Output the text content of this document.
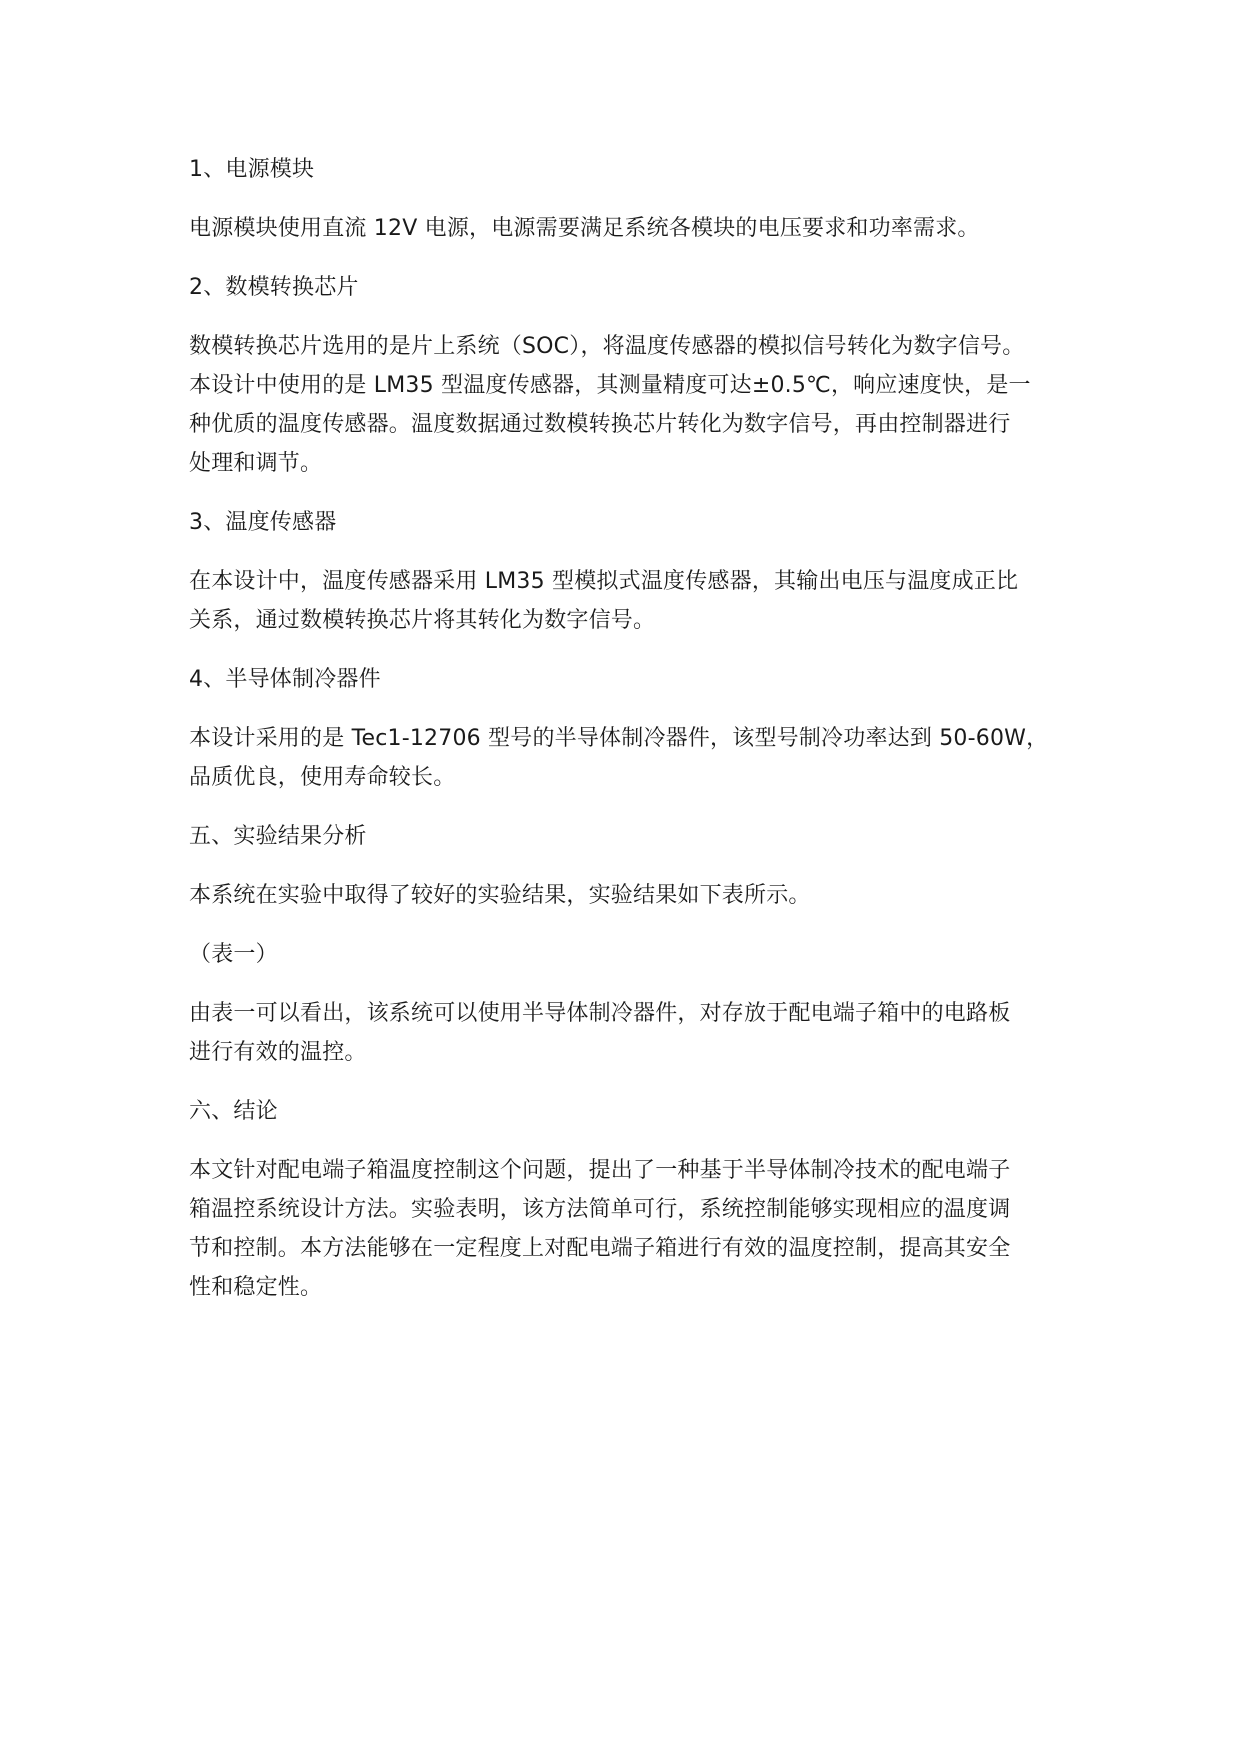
1、电源模块

电源模块使用直流 12V 电源，电源需要满足系统各模块的电压要求和功率需求。

2、数模转换芯片

数模转换芯片选用的是片上系统（SOC），将温度传感器的模拟信号转化为数字信号。
本设计中使用的是 LM35 型温度传感器，其测量精度可达±0.5℃，响应速度快，是一
种优质的温度传感器。温度数据通过数模转换芯片转化为数字信号，再由控制器进行
处理和调节。

3、温度传感器

在本设计中，温度传感器采用 LM35 型模拟式温度传感器，其输出电压与温度成正比
关系，通过数模转换芯片将其转化为数字信号。

4、半导体制冷器件

本设计采用的是 Tec1-12706 型号的半导体制冷器件，该型号制冷功率达到 50-60W，
品质优良，使用寿命较长。

五、实验结果分析

本系统在实验中取得了较好的实验结果，实验结果如下表所示。

（表一）

由表一可以看出，该系统可以使用半导体制冷器件，对存放于配电端子箱中的电路板
进行有效的温控。

六、结论

本文针对配电端子箱温度控制这个问题，提出了一种基于半导体制冷技术的配电端子
箱温控系统设计方法。实验表明，该方法简单可行，系统控制能够实现相应的温度调
节和控制。本方法能够在一定程度上对配电端子箱进行有效的温度控制，提高其安全
性和稳定性。
